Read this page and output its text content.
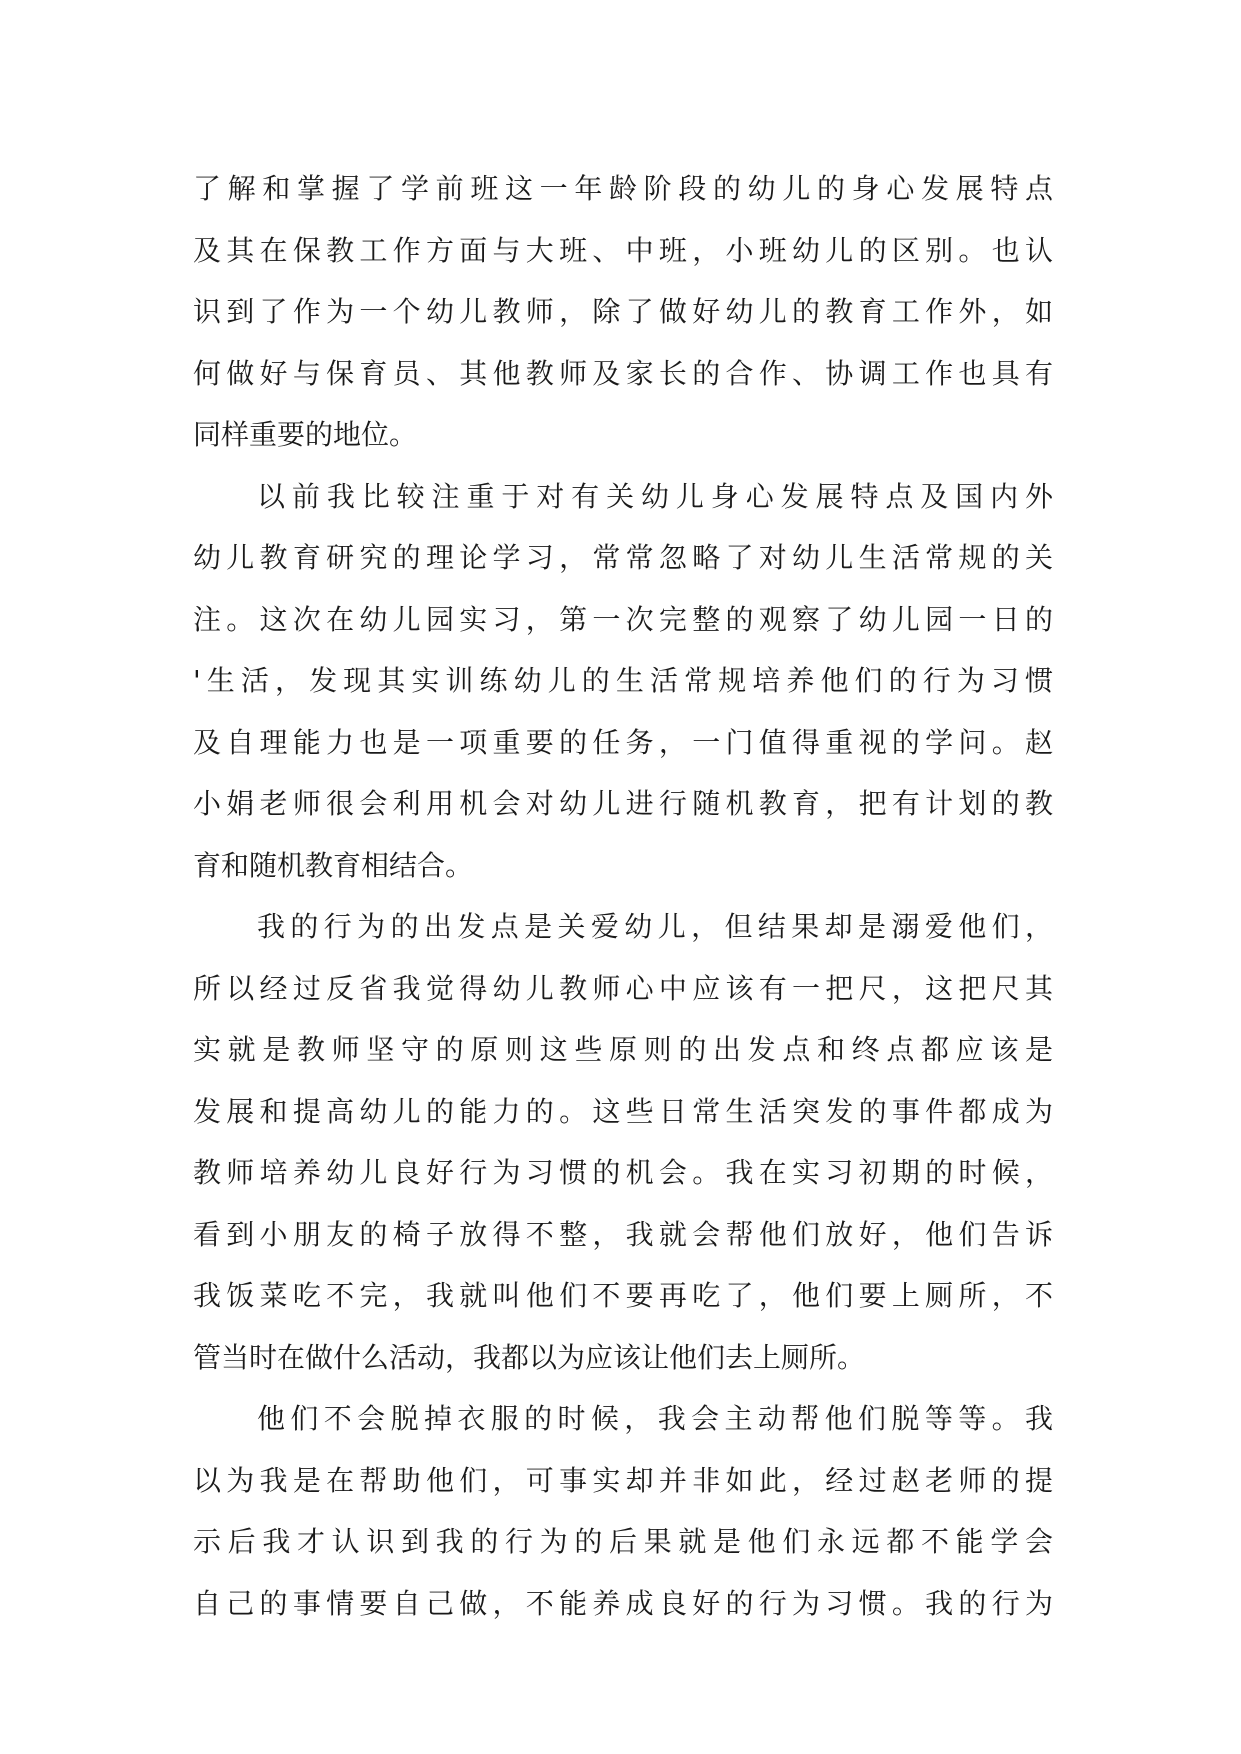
了解和掌握了学前班这一年龄阶段的幼儿的身心发展特点
及其在保教工作方面与大班、中班，小班幼儿的区别。也认
识到了作为一个幼儿教师，除了做好幼儿的教育工作外，如
何做好与保育员、其他教师及家长的合作、协调工作也具有
同样重要的地位。
以前我比较注重于对有关幼儿身心发展特点及国内外
幼儿教育研究的理论学习，常常忽略了对幼儿生活常规的关
注。这次在幼儿园实习，第一次完整的观察了幼儿园一日的
'生活，发现其实训练幼儿的生活常规培养他们的行为习惯
及自理能力也是一项重要的任务，一门值得重视的学问。赵
小娟老师很会利用机会对幼儿进行随机教育，把有计划的教
育和随机教育相结合。
我的行为的出发点是关爱幼儿，但结果却是溺爱他们，
所以经过反省我觉得幼儿教师心中应该有一把尺，这把尺其
实就是教师坚守的原则这些原则的出发点和终点都应该是
发展和提高幼儿的能力的。这些日常生活突发的事件都成为
教师培养幼儿良好行为习惯的机会。我在实习初期的时候，
看到小朋友的椅子放得不整，我就会帮他们放好，他们告诉
我饭菜吃不完，我就叫他们不要再吃了，他们要上厕所，不
管当时在做什么活动，我都以为应该让他们去上厕所。
他们不会脱掉衣服的时候，我会主动帮他们脱等等。我
以为我是在帮助他们，可事实却并非如此，经过赵老师的提
示后我才认识到我的行为的后果就是他们永远都不能学会
自己的事情要自己做，不能养成良好的行为习惯。我的行为
